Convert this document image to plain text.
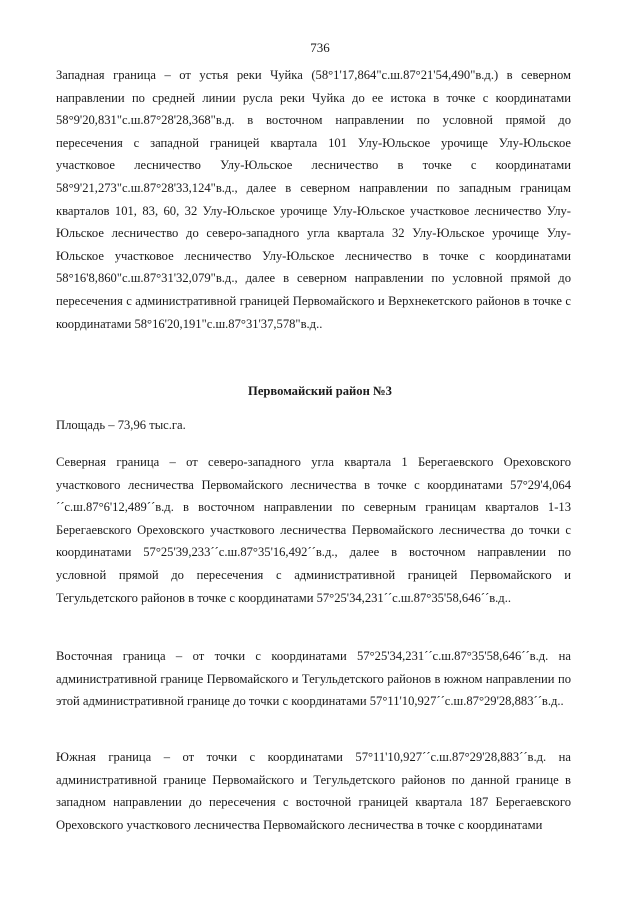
736

Западная граница – от устья реки Чуйка (58°1'17,864"с.ш.87°21'54,490"в.д.) в северном направлении по средней линии русла реки Чуйка до ее истока в точке с координатами 58°9'20,831"с.ш.87°28'28,368"в.д. в восточном направлении по условной прямой до пересечения с западной границей квартала 101 Улу-Юльское урочище Улу-Юльское участковое лесничество Улу-Юльское лесничество в точке с координатами 58°9'21,273"с.ш.87°28'33,124"в.д., далее в северном направлении по западным границам кварталов 101, 83, 60, 32 Улу-Юльское урочище Улу-Юльское участковое лесничество Улу-Юльское лесничество до северо-западного угла квартала 32 Улу-Юльское урочище Улу-Юльское участковое лесничество Улу-Юльское лесничество в точке с координатами 58°16'8,860"с.ш.87°31'32,079"в.д., далее в северном направлении по условной прямой до пересечения с административной границей Первомайского и Верхнекетского районов в точке с координатами 58°16'20,191"с.ш.87°31'37,578"в.д..

Первомайский район №3
Площадь – 73,96 тыс.га.

Северная граница – от северо-западного угла квартала 1 Берегаевского Ореховского участкового лесничества Первомайского лесничества в точке с координатами 57°29'4,064´´с.ш.87°6'12,489´´в.д. в восточном направлении по северным границам кварталов 1-13 Берегаевского Ореховского участкового лесничества Первомайского лесничества до точки с координатами 57°25'39,233´´с.ш.87°35'16,492´´в.д., далее в восточном направлении по условной прямой до пересечения с административной границей Первомайского и Тегульдетского районов в точке с координатами 57°25'34,231´´с.ш.87°35'58,646´´в.д..

Восточная граница – от точки с координатами 57°25'34,231´´с.ш.87°35'58,646´´в.д. на административной границе Первомайского и Тегульдетского районов в южном направлении по этой административной границе до точки с координатами 57°11'10,927´´с.ш.87°29'28,883´´в.д..

Южная граница – от точки с координатами 57°11'10,927´´с.ш.87°29'28,883´´в.д. на административной границе Первомайского и Тегульдетского районов по данной границе в западном направлении до пересечения с восточной границей квартала 187 Берегаевского Ореховского участкового лесничества Первомайского лесничества в точке с координатами
